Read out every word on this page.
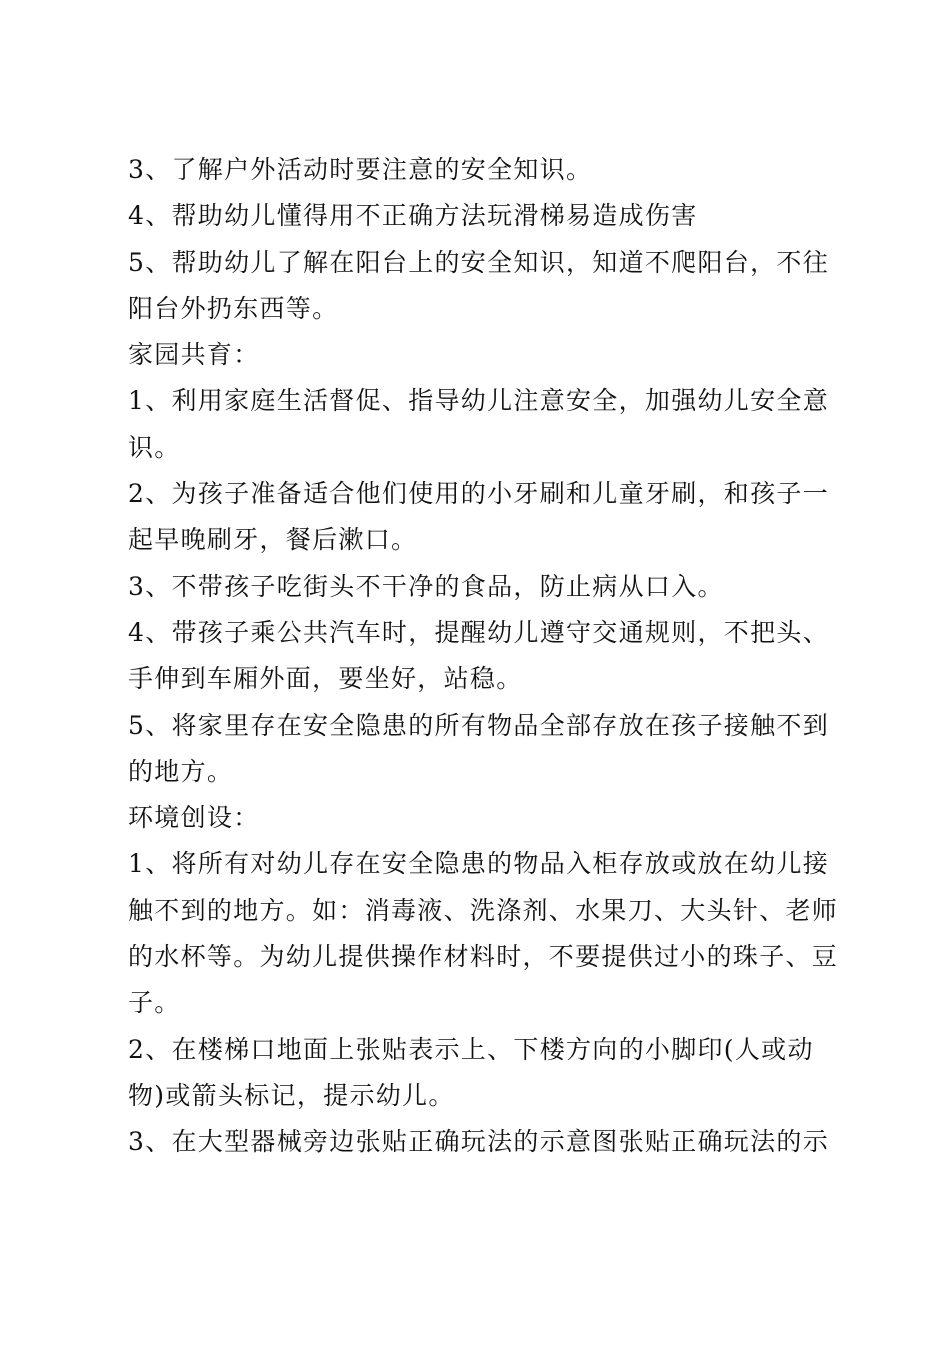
3、了解户外活动时要注意的安全知识。
4、帮助幼儿懂得用不正确方法玩滑梯易造成伤害
5、帮助幼儿了解在阳台上的安全知识，知道不爬阳台，不往
阳台外扔东西等。
家园共育：
1、利用家庭生活督促、指导幼儿注意安全，加强幼儿安全意
识。
2、为孩子准备适合他们使用的小牙刷和儿童牙刷，和孩子一
起早晚刷牙，餐后漱口。
3、不带孩子吃街头不干净的食品，防止病从口入。
4、带孩子乘公共汽车时，提醒幼儿遵守交通规则，不把头、
手伸到车厢外面，要坐好，站稳。
5、将家里存在安全隐患的所有物品全部存放在孩子接触不到
的地方。
环境创设：
1、将所有对幼儿存在安全隐患的物品入柜存放或放在幼儿接
触不到的地方。如：消毒液、洗涤剂、水果刀、大头针、老师
的水杯等。为幼儿提供操作材料时，不要提供过小的珠子、豆
子。
2、在楼梯口地面上张贴表示上、下楼方向的小脚印(人或动
物)或箭头标记，提示幼儿。
3、在大型器械旁边张贴正确玩法的示意图张贴正确玩法的示
